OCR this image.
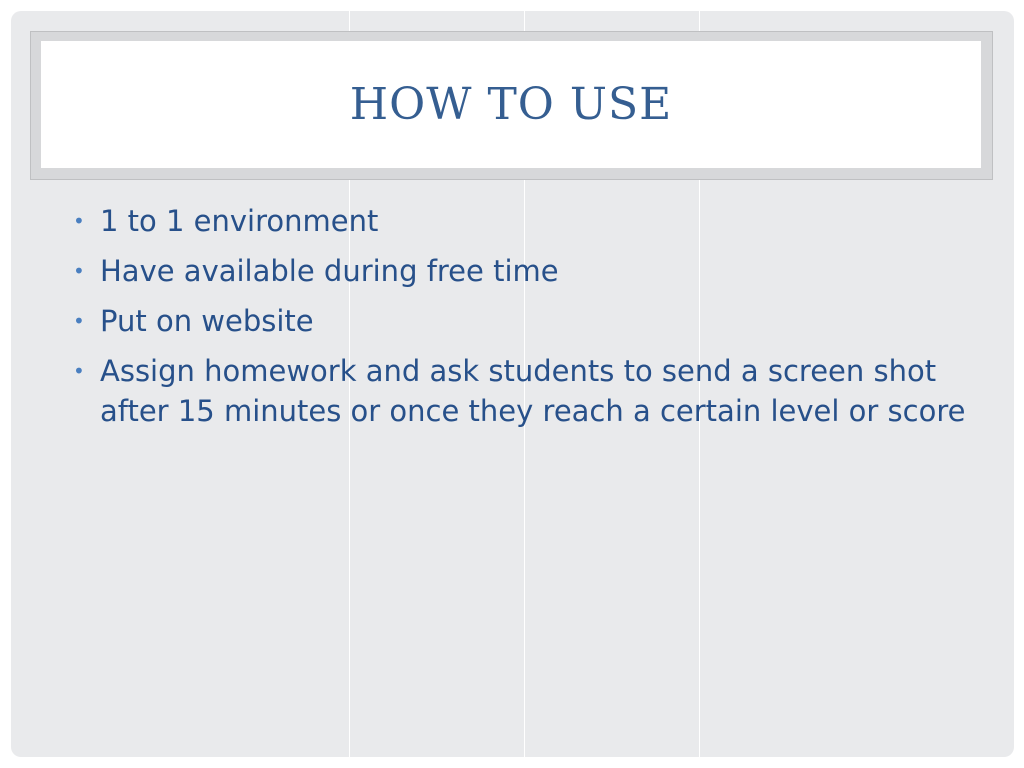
HOW TO USE
• 1 to 1 environment
• Have available during free time
• Put on website
• Assign homework and ask students to send a screen shot after 15 minutes or once they reach a certain level or score
